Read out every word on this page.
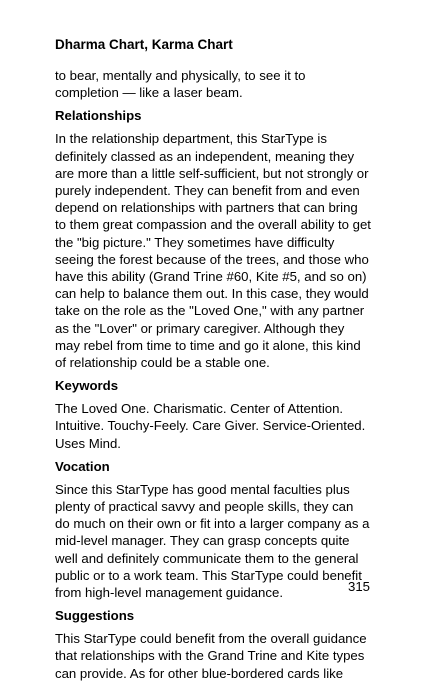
Dharma Chart, Karma Chart

to bear, mentally and physically, to see it to
completion — like a laser beam.

Relationships

In the relationship department, this StarType is
definitely classed as an independent, meaning they
are more than a little self-sufficient, but not strongly or
purely independent. They can benefit from and even
depend on relationships with partners that can bring
to them great compassion and the overall ability to get
the "big picture." They sometimes have difficulty
seeing the forest because of the trees, and those who
have this ability (Grand Trine #60, Kite #5, and so on)
can help to balance them out. In this case, they would
take on the role as the "Loved One," with any partner
as the "Lover" or primary caregiver. Although they
may rebel from time to time and go it alone, this kind
of relationship could be a stable one.

Keywords

The Loved One. Charismatic. Center of Attention.
Intuitive. Touchy-Feely. Care Giver. Service-Oriented.
Uses Mind.

Vocation

Since this StarType has good mental faculties plus
plenty of practical savvy and people skills, they can
do much on their own or fit into a larger company as a
mid-level manager. They can grasp concepts quite
well and definitely communicate them to the general
public or to a work team. This StarType could benefit
from high-level management guidance.

Suggestions

This StarType could benefit from the overall guidance
that relationships with the Grand Trine and Kite types
can provide. As for other blue-bordered cards like

315
